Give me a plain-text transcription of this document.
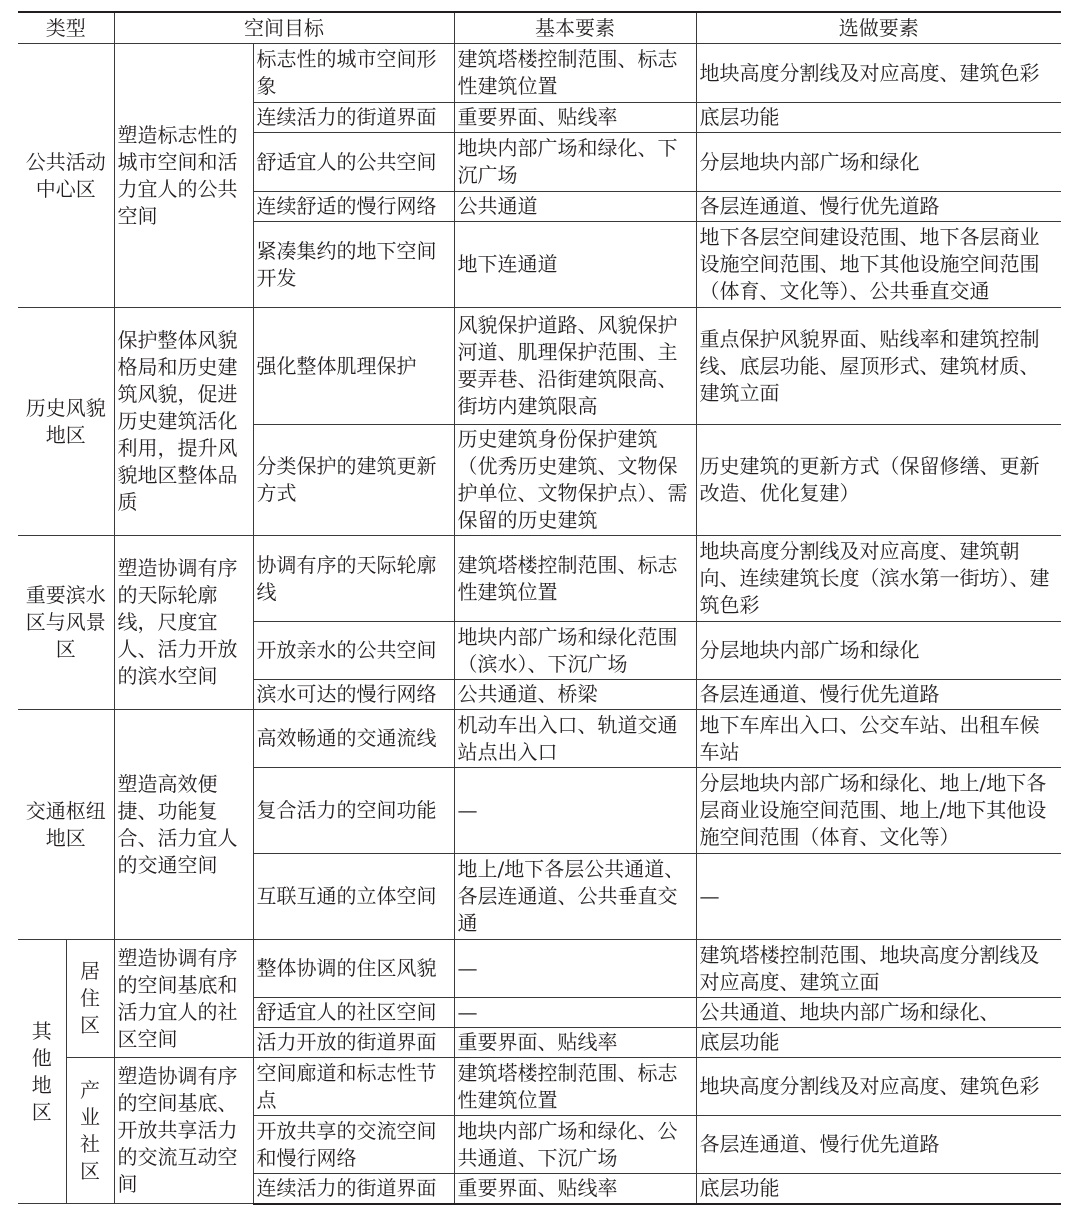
类型		空间目标		基本要素	选做要素
公共活动中心区		塑造标志性的城市空间和活力宜人的公共空间	标志性的城市空间形象	建筑塔楼控制范围、标志性建筑位置	地块高度分割线及对应高度、建筑色彩
			连续活力的街道界面	重要界面、贴线率	底层功能
			舒适宜人的公共空间	地块内部广场和绿化、下沉广场	分层地块内部广场和绿化
			连续舒适的慢行网络	公共通道	各层连通道、慢行优先道路
			紧凑集约的地下空间开发	地下连通道	地下各层空间建设范围、地下各层商业设施空间范围、地下其他设施空间范围（体育、文化等）、公共垂直交通
历史风貌地区		保护整体风貌格局和历史建筑风貌，促进历史建筑活化利用，提升风貌地区整体品质	强化整体肌理保护	风貌保护道路、风貌保护河道、肌理保护范围、主要弄巷、沿街建筑限高、街坊内建筑限高	重点保护风貌界面、贴线率和建筑控制线、底层功能、屋顶形式、建筑材质、建筑立面
			分类保护的建筑更新方式	历史建筑身份保护建筑（优秀历史建筑、文物保护单位、文物保护点）、需保留的历史建筑	历史建筑的更新方式（保留修缮、更新改造、优化复建）
重要滨水区与风景区		塑造协调有序的天际轮廓线，尺度宜人、活力开放的滨水空间	协调有序的天际轮廓线	建筑塔楼控制范围、标志性建筑位置	地块高度分割线及对应高度、建筑朝向、连续建筑长度（滨水第一街坊）、建筑色彩
			开放亲水的公共空间	地块内部广场和绿化范围（滨水）、下沉广场	分层地块内部广场和绿化
			滨水可达的慢行网络	公共通道、桥梁	各层连通道、慢行优先道路
交通枢纽地区		塑造高效便捷、功能复合、活力宜人的交通空间	高效畅通的交通流线	机动车出入口、轨道交通站点出入口	地下车库出入口、公交车站、出租车候车站
			复合活力的空间功能	—	分层地块内部广场和绿化、地上/地下各层商业设施空间范围、地上/地下其他设施空间范围（体育、文化等）
			互联互通的立体空间	地上/地下各层公共通道、各层连通道、公共垂直交通	—
其他地区	居住区	塑造协调有序的空间基底和活力宜人的社区空间	整体协调的住区风貌	—	建筑塔楼控制范围、地块高度分割线及对应高度、建筑立面
			舒适宜人的社区空间	—	公共通道、地块内部广场和绿化、
			活力开放的街道界面	重要界面、贴线率	底层功能
	产业社区	塑造协调有序的空间基底、开放共享活力的交流互动空间	空间廊道和标志性节点	建筑塔楼控制范围、标志性建筑位置	地块高度分割线及对应高度、建筑色彩
			开放共享的交流空间和慢行网络	地块内部广场和绿化、公共通道、下沉广场	各层连通道、慢行优先道路
			连续活力的街道界面	重要界面、贴线率	底层功能
